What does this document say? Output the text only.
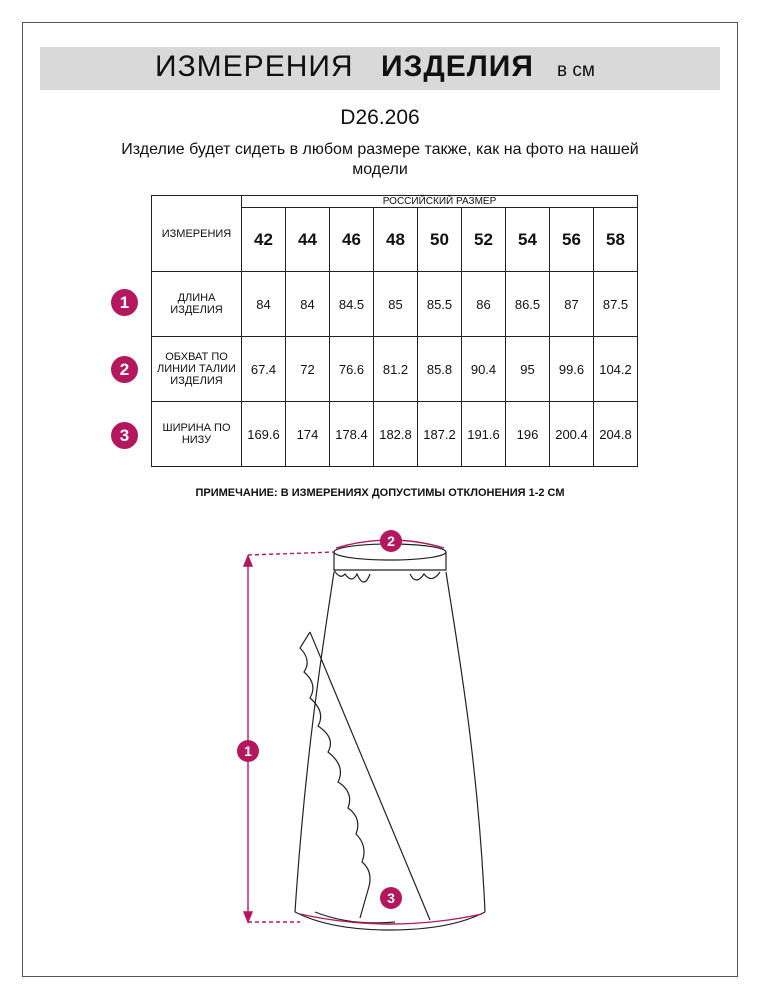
ИЗМЕРЕНИЯ ИЗДЕЛИЯ в см
D26.206
Изделие будет сидеть в любом размере также, как на фото на нашей модели
ИЗМЕРЕНИЯ	РОССИЙСКИЙ РАЗМЕР								
	42	44	46	48	50	52	54	56	58
ДЛИНА ИЗДЕЛИЯ	84	84	84.5	85	85.5	86	86.5	87	87.5
ОБХВАТ ПО ЛИНИИ ТАЛИИ ИЗДЕЛИЯ	67.4	72	76.6	81.2	85.8	90.4	95	99.6	104.2
ШИРИНА ПО НИЗУ	169.6	174	178.4	182.8	187.2	191.6	196	200.4	204.8
1
2
3
ПРИМЕЧАНИЕ: В ИЗМЕРЕНИЯХ ДОПУСТИМЫ ОТКЛОНЕНИЯ 1-2 СМ
1
2
3
